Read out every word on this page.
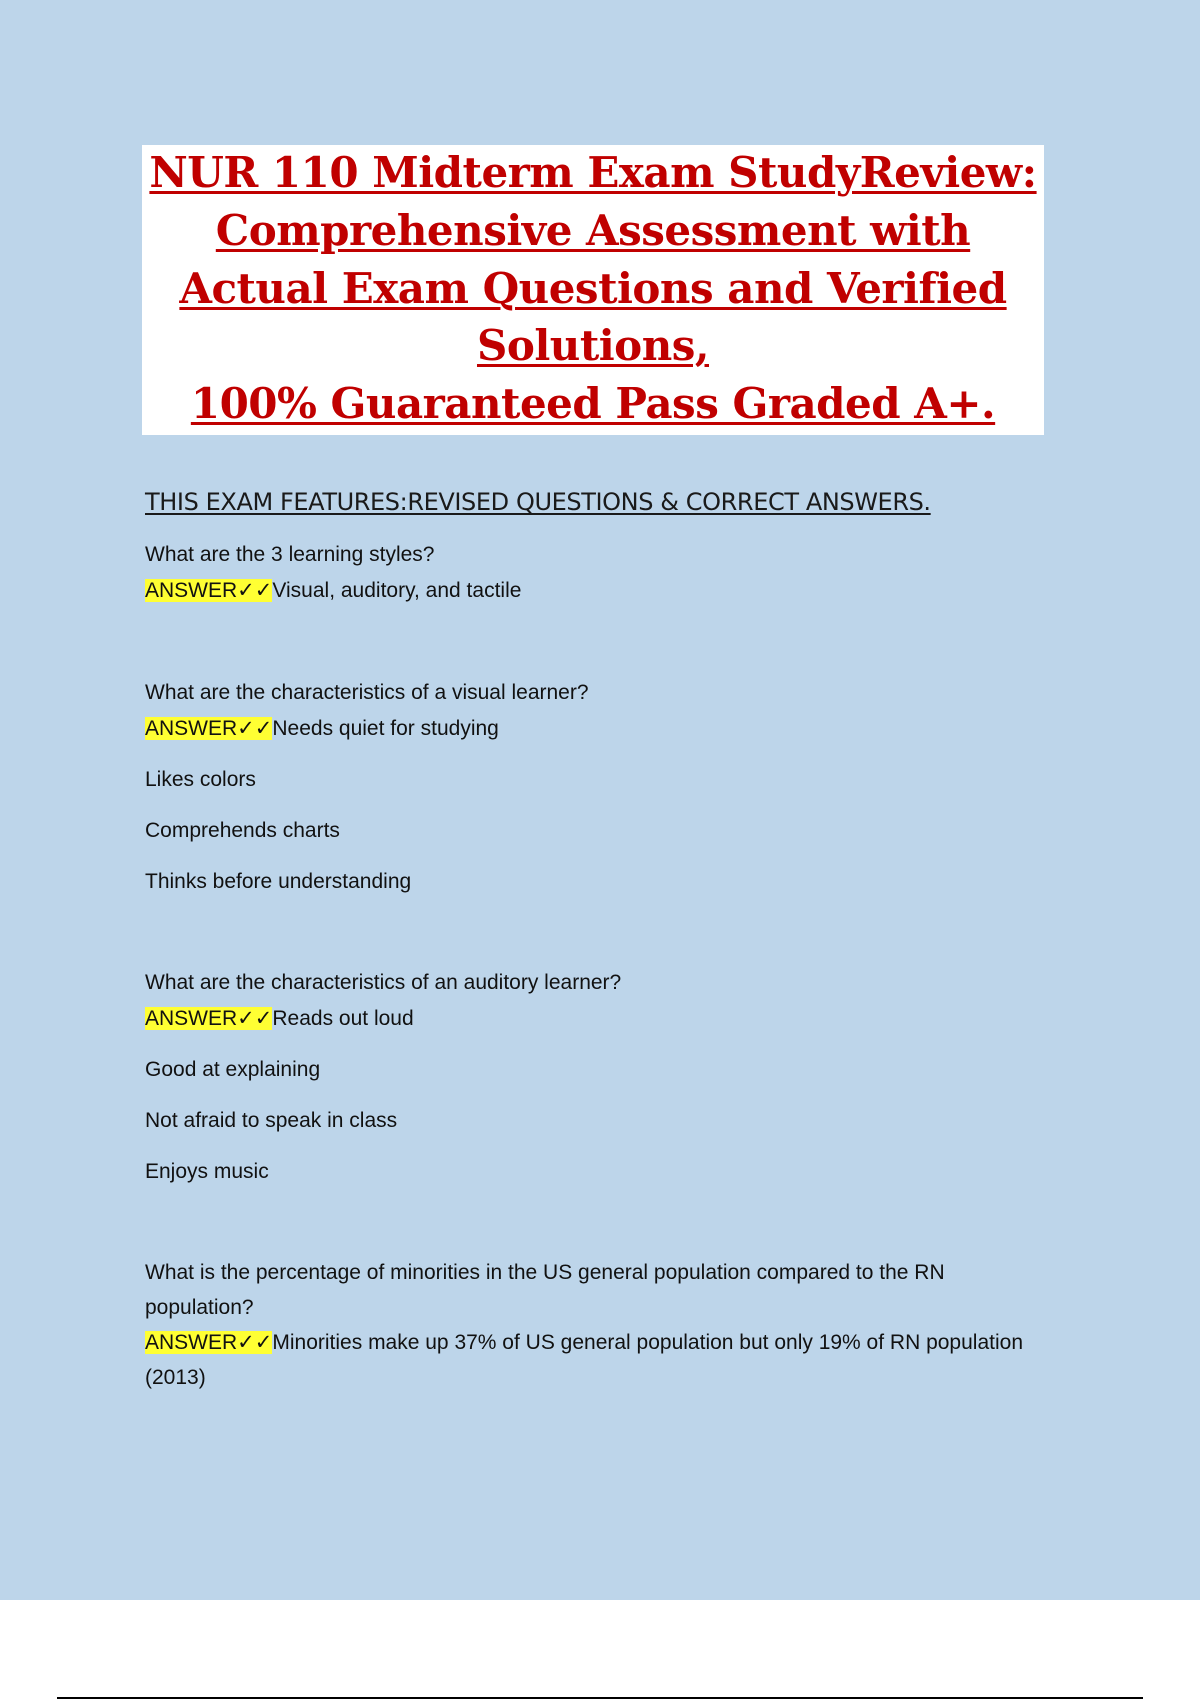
NUR 110 Midterm Exam StudyReview:
Comprehensive Assessment with
Actual Exam Questions and Verified
Solutions,
100% Guaranteed Pass Graded A+.
THIS EXAM FEATURES:REVISED QUESTIONS & CORRECT ANSWERS.
What are the 3 learning styles?
ANSWER✓✓Visual, auditory, and tactile
What are the characteristics of a visual learner?
ANSWER✓✓Needs quiet for studying
Likes colors
Comprehends charts
Thinks before understanding
What are the characteristics of an auditory learner?
ANSWER✓✓Reads out loud
Good at explaining
Not afraid to speak in class
Enjoys music
What is the percentage of minorities in the US general population compared to the RN
population?
ANSWER✓✓Minorities make up 37% of US general population but only 19% of RN population
(2013)
